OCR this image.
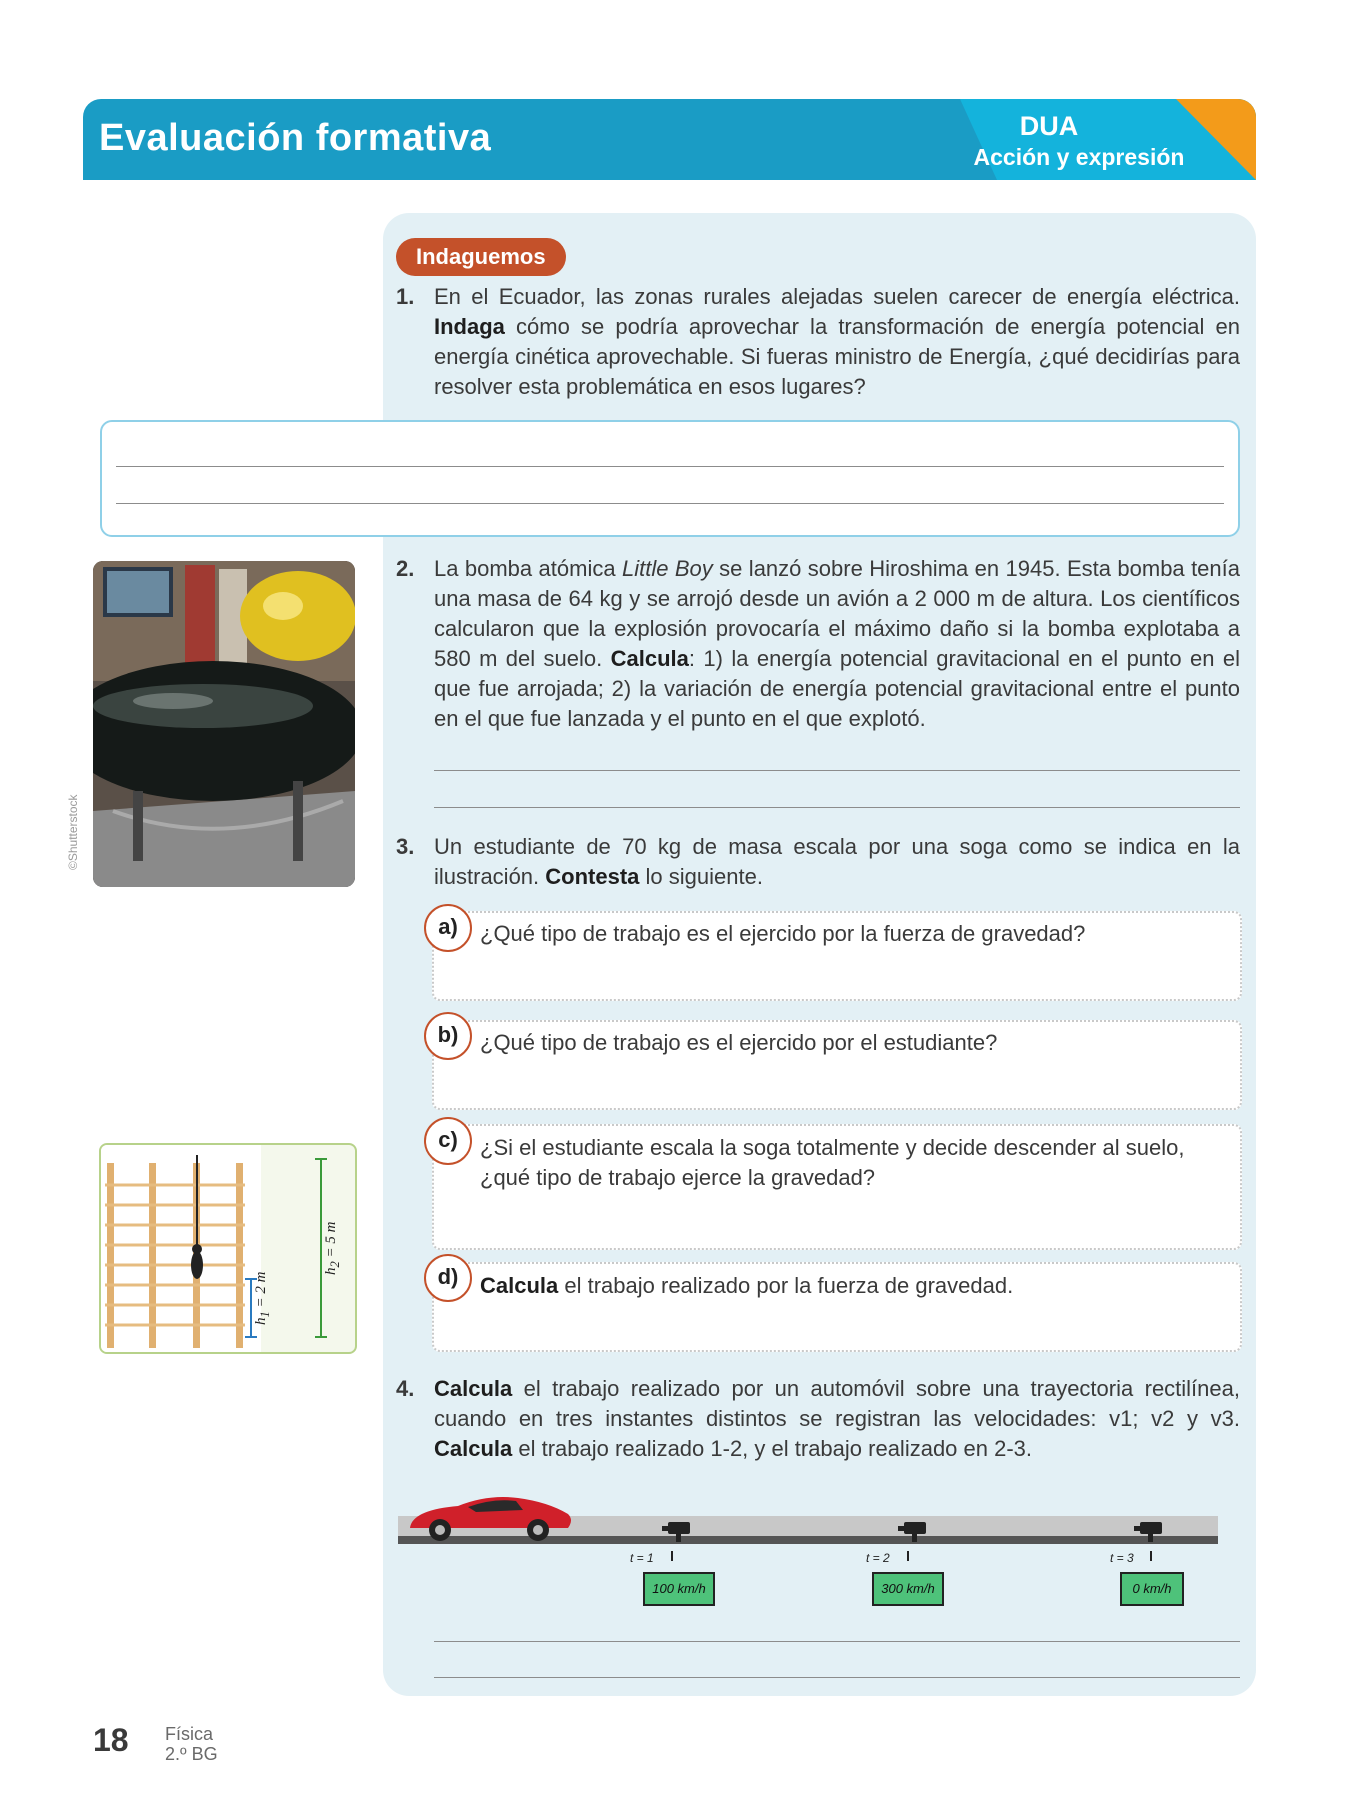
Evaluación formativa	DUA
Acción y expresión
Indaguemos
1. En el Ecuador, las zonas rurales alejadas suelen carecer de energía eléctrica. Indaga cómo se podría aprovechar la transformación de energía potencial en energía cinética aprovechable. Si fueras ministro de Energía, ¿qué decidirías para resolver esta problemática en esos lugares?
©Shutterstock
2. La bomba atómica Little Boy se lanzó sobre Hiroshima en 1945. Esta bomba tenía una masa de 64 kg y se arrojó desde un avión a 2 000 m de altura. Los científicos calcularon que la explosión provocaría el máximo daño si la bomba explotaba a 580 m del suelo. Calcula: 1) la energía potencial gravitacional en el punto en el que fue arrojada; 2) la variación de energía potencial gravitacional entre el punto en el que fue lanzada y el punto en el que explotó.
3. Un estudiante de 70 kg de masa escala por una soga como se indica en la ilustración. Contesta lo siguiente.
a)	¿Qué tipo de trabajo es el ejercido por la fuerza de gravedad?
b) ¿Qué tipo de trabajo es el ejercido por el estudiante?
c)	¿Si el estudiante escala la soga totalmente y decide descender al suelo, ¿qué tipo de trabajo ejerce la gravedad?
d) Calcula el trabajo realizado por la fuerza de gravedad.
$h_1 = 2$ m
$h_2 = 5$ m
4. Calcula el trabajo realizado por un automóvil sobre una trayectoria rectilínea, cuando en tres instantes distintos se registran las velocidades: v1; v2 y v3. Calcula el trabajo realizado 1-2, y el trabajo realizado en 2-3.
t = 1
100 km/h
t = 2
300 km/h
t = 3
0 km/h
18 Física
2.º BG
